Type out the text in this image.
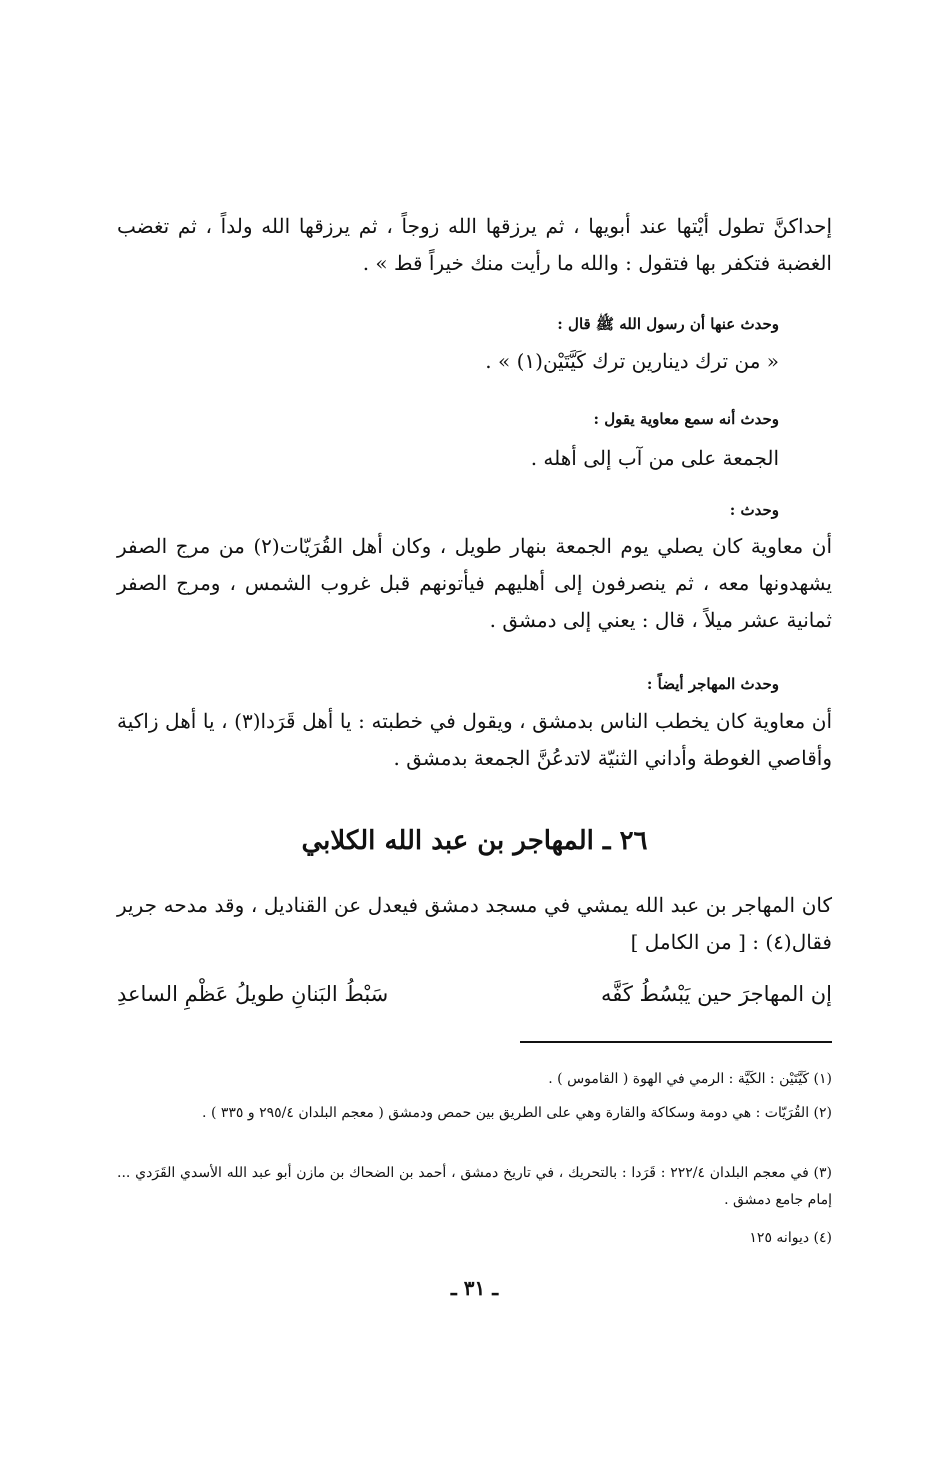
إحداكنَّ تطول أيْتها عند أبويها ، ثم يرزقها الله زوجاً ، ثم يرزقها الله ولداً ، ثم تغضب الغضبة فتكفر بها فتقول : والله ما رأيت منك خيراً قط » .
وحدث عنها أن رسول الله ﷺ قال :
« من ترك دينارين ترك كَيَّتَيْن(١) » .
وحدث أنه سمع معاوية يقول :
الجمعة على من آب إلى أهله .
وحدث :
أن معاوية كان يصلي يوم الجمعة بنهار طويل ، وكان أهل القُرَيّات(٢) من مرج الصفر يشهدونها معه ، ثم ينصرفون إلى أهليهم فيأتونهم قبل غروب الشمس ، ومرج الصفر ثمانية عشر ميلاً ، قال : يعني إلى دمشق .
وحدث المهاجر أيضاً :
أن معاوية كان يخطب الناس بدمشق ، ويقول في خطبته : يا أهل قَرَدا(٣) ، يا أهل زاكية وأقاصي الغوطة وأداني الثنيّة لاتدعُنَّ الجمعة بدمشق .
٢٦ ـ المهاجر بن عبد الله الكلابي
كان المهاجر بن عبد الله يمشي في مسجد دمشق فيعدل عن القناديل ، وقد مدحه جرير فقال(٤) : [ من الكامل ]
إن المهاجرَ حين يَبْسُطُ كَفَّه
سَبْطُ البَنانِ طويلُ عَظْمِ الساعدِ
(١) كَيَّتَيْن : الكَيَّة : الرمي في الهوة ( القاموس ) .
(٢) القُرَيّات : هي دومة وسكاكة والقارة وهي على الطريق بين حمص ودمشق ( معجم البلدان ٢٩٥/٤ و ٣٣٥ ) .
(٣) في معجم البلدان ٢٢٢/٤ : قَرَدا : بالتحريك ، في تاريخ دمشق ، أحمد بن الضحاك بن مازن أبو عبد الله الأسدي القَرَدي ... إمام جامع دمشق .
(٤) ديوانه ١٢٥
ـ ٣١ ـ
